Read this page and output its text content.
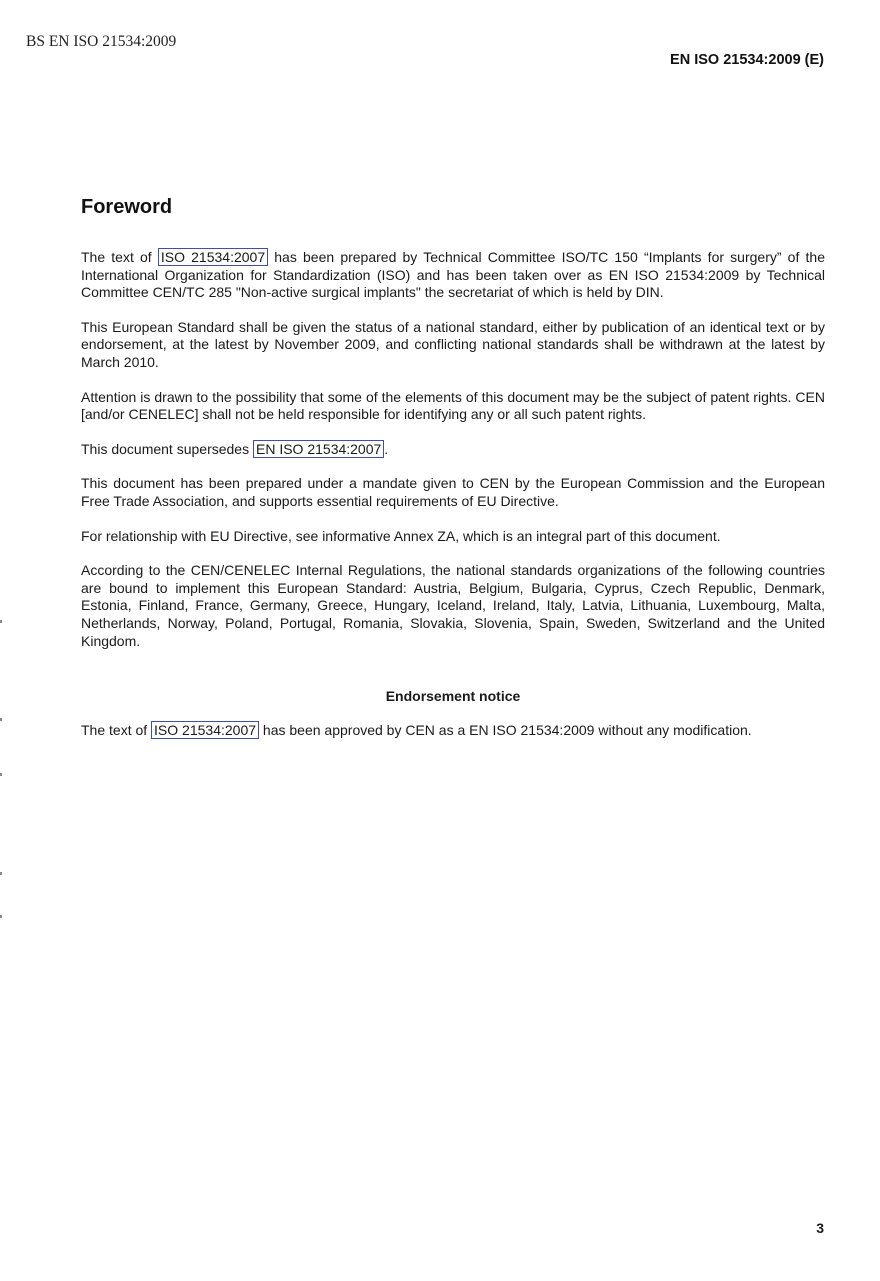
BS EN ISO 21534:2009
EN ISO 21534:2009 (E)
Foreword

The text of ISO 21534:2007 has been prepared by Technical Committee ISO/TC 150 “Implants for surgery” of the International Organization for Standardization (ISO) and has been taken over as EN ISO 21534:2009 by Technical Committee CEN/TC 285 "Non-active surgical implants" the secretariat of which is held by DIN.

This European Standard shall be given the status of a national standard, either by publication of an identical text or by endorsement, at the latest by November 2009, and conflicting national standards shall be withdrawn at the latest by March 2010.

Attention is drawn to the possibility that some of the elements of this document may be the subject of patent rights. CEN [and/or CENELEC] shall not be held responsible for identifying any or all such patent rights.

This document supersedes EN ISO 21534:2007 .

This document has been prepared under a mandate given to CEN by the European Commission and the European Free Trade Association, and supports essential requirements of EU Directive.

For relationship with EU Directive, see informative Annex ZA, which is an integral part of this document.

According to the CEN/CENELEC Internal Regulations, the national standards organizations of the following countries are bound to implement this European Standard: Austria, Belgium, Bulgaria, Cyprus, Czech Republic, Denmark, Estonia, Finland, France, Germany, Greece, Hungary, Iceland, Ireland, Italy, Latvia, Lithuania, Luxembourg, Malta, Netherlands, Norway, Poland, Portugal, Romania, Slovakia, Slovenia, Spain, Sweden, Switzerland and the United Kingdom.

Endorsement notice

The text of ISO 21534:2007 has been approved by CEN as a EN ISO 21534:2009 without any modification.

3
